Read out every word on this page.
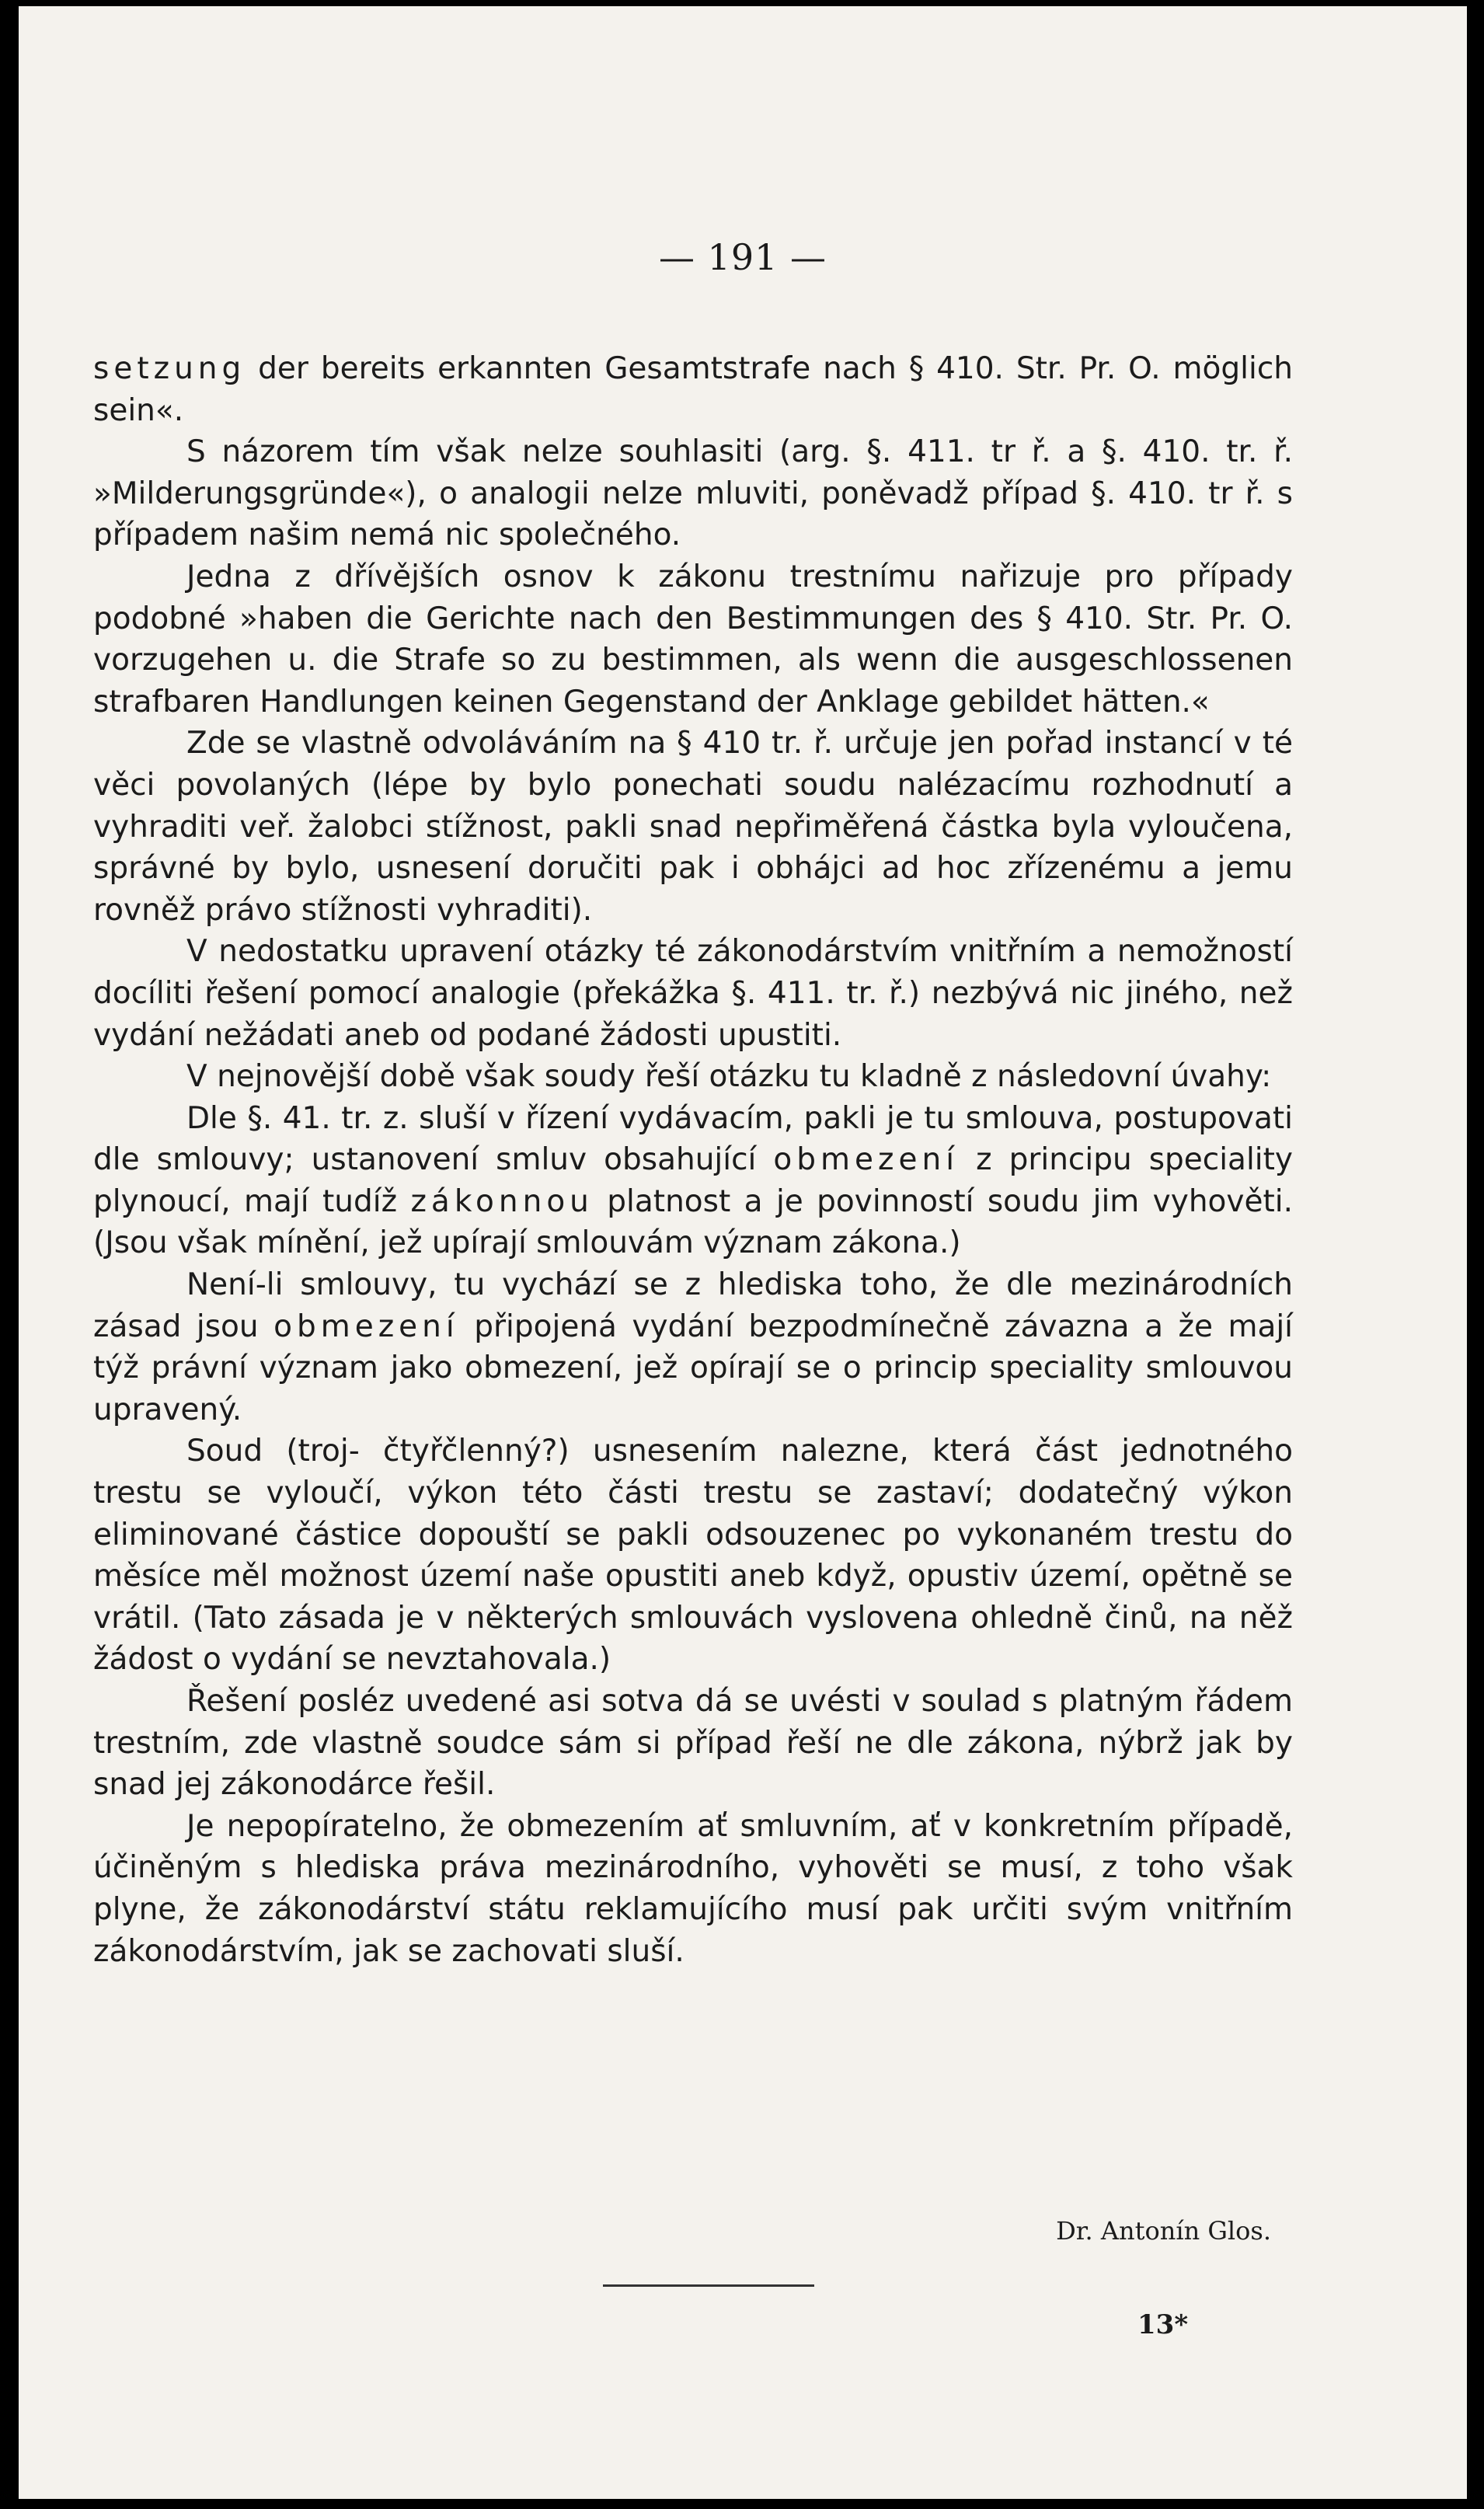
— 191 —

setzung der bereits erkannten Gesamtstrafe nach § 410. Str. Pr. O. möglich sein«.

S názorem tím však nelze souhlasiti (arg. §. 411. tr ř. a §. 410. tr. ř. »Milderungsgründe«), o analogii nelze mluviti, poněvadž případ §. 410. tr ř. s případem našim nemá nic společného.

Jedna z dřívějších osnov k zákonu trestnímu nařizuje pro případy podobné »haben die Gerichte nach den Bestimmungen des § 410. Str. Pr. O. vorzugehen u. die Strafe so zu bestimmen, als wenn die ausgeschlossenen strafbaren Handlungen keinen Gegenstand der Anklage gebildet hätten.«

Zde se vlastně odvoláváním na § 410 tr. ř. určuje jen pořad instancí v té věci povolaných (lépe by bylo ponechati soudu nalézacímu rozhodnutí a vyhraditi veř. žalobci stížnost, pakli snad nepřiměřená částka byla vyloučena, správné by bylo, usnesení doručiti pak i obhájci ad hoc zřízenému a jemu rovněž právo stížnosti vyhraditi).

V nedostatku upravení otázky té zákonodárstvím vnitřním a nemožností docíliti řešení pomocí analogie (překážka §. 411. tr. ř.) nezbývá nic jiného, než vydání nežádati aneb od podané žádosti upustiti.

V nejnovější době však soudy řeší otázku tu kladně z následovní úvahy:

Dle §. 41. tr. z. sluší v řízení vydávacím, pakli je tu smlouva, postupovati dle smlouvy; ustanovení smluv obsahující obmezení z principu speciality plynoucí, mají tudíž zákonnou platnost a je povinností soudu jim vyhověti. (Jsou však mínění, jež upírají smlouvám význam zákona.)

Není-li smlouvy, tu vychází se z hlediska toho, že dle mezinárodních zásad jsou obmezení připojená vydání bezpodmínečně závazna a že mají týž právní význam jako obmezení, jež opírají se o princip speciality smlouvou upravený.

Soud (troj- čtyřčlenný?) usnesením nalezne, která část jednotného trestu se vyloučí, výkon této části trestu se zastaví; dodatečný výkon eliminované částice dopouští se pakli odsouzenec po vykonaném trestu do měsíce měl možnost území naše opustiti aneb když, opustiv území, opětně se vrátil. (Tato zásada je v některých smlouvách vyslovena ohledně činů, na něž žádost o vydání se nevztahovala.)

Řešení posléz uvedené asi sotva dá se uvésti v soulad s platným řádem trestním, zde vlastně soudce sám si případ řeší ne dle zákona, nýbrž jak by snad jej zákonodárce řešil.

Je nepopíratelno, že obmezením ať smluvním, ať v konkretním případě, účiněným s hlediska práva mezinárodního, vyhověti se musí, z toho však plyne, že zákonodárství státu reklamujícího musí pak určiti svým vnitřním zákonodárstvím, jak se zachovati sluší.

Dr. Antonín Glos.
13*
